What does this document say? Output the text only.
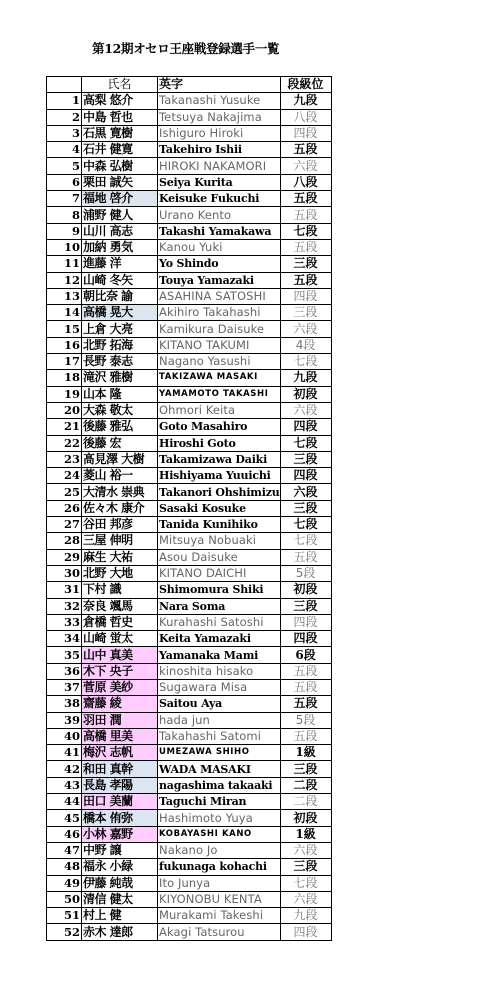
第12期オセロ王座戦登録選手一覧
	氏名	英字	段級位
1	高梨 悠介	Takanashi Yusuke	九段
2	中島 哲也	Tetsuya Nakajima	八段
3	石黒 寛樹	Ishiguro Hiroki	四段
4	石井 健寛	Takehiro Ishii	五段
5	中森 弘樹	HIROKI NAKAMORI	六段
6	栗田 誠矢	Seiya Kurita	八段
7	福地 啓介	Keisuke Fukuchi	五段
8	浦野 健人	Urano Kento	五段
9	山川 高志	Takashi Yamakawa	七段
10	加納 勇気	Kanou Yuki	五段
11	進藤 洋	Yo Shindo	三段
12	山崎 冬矢	Touya Yamazaki	五段
13	朝比奈 諭	ASAHINA SATOSHI	四段
14	高橋 晃大	Akihiro Takahashi	三段
15	上倉 大亮	Kamikura Daisuke	六段
16	北野 拓海	KITANO TAKUMI	4段
17	長野 泰志	Nagano Yasushi	七段
18	滝沢 雅樹	TAKIZAWA MASAKI	九段
19	山本 隆	YAMAMOTO TAKASHI	初段
20	大森 敬太	Ohmori Keita	六段
21	後藤 雅弘	Goto Masahiro	四段
22	後藤 宏	Hiroshi Goto	七段
23	髙見澤 大樹	Takamizawa Daiki	三段
24	菱山 裕一	Hishiyama Yuuichi	四段
25	大清水 崇典	Takanori Ohshimizu	六段
26	佐々木 康介	Sasaki Kosuke	三段
27	谷田 邦彦	Tanida Kunihiko	七段
28	三屋 伸明	Mitsuya Nobuaki	七段
29	麻生 大祐	Asou Daisuke	五段
30	北野 大地	KITANO DAICHI	5段
31	下村 識	Shimomura Shiki	初段
32	奈良 颯馬	Nara Soma	三段
33	倉橋 哲史	Kurahashi Satoshi	四段
34	山崎 蛍太	Keita Yamazaki	四段
35	山中 真美	Yamanaka Mami	6段
36	木下 央子	kinoshita hisako	五段
37	菅原 美紗	Sugawara Misa	五段
38	齋藤 綾	Saitou Aya	五段
39	羽田 潤	hada jun	5段
40	高橋 里美	Takahashi Satomi	五段
41	梅沢 志帆	UMEZAWA SHIHO	1級
42	和田 真幹	WADA MASAKI	三段
43	長島 孝陽	nagashima takaaki	二段
44	田口 美蘭	Taguchi Miran	二段
45	橋本 侑弥	Hashimoto Yuya	初段
46	小林 嘉野	KOBAYASHI KANO	1級
47	中野 譲	Nakano Jo	六段
48	福永 小緑	fukunaga kohachi	三段
49	伊藤 純哉	Ito Junya	七段
50	清信 健太	KIYONOBU KENTA	六段
51	村上 健	Murakami Takeshi	九段
52	赤木 達郎	Akagi Tatsurou	四段
